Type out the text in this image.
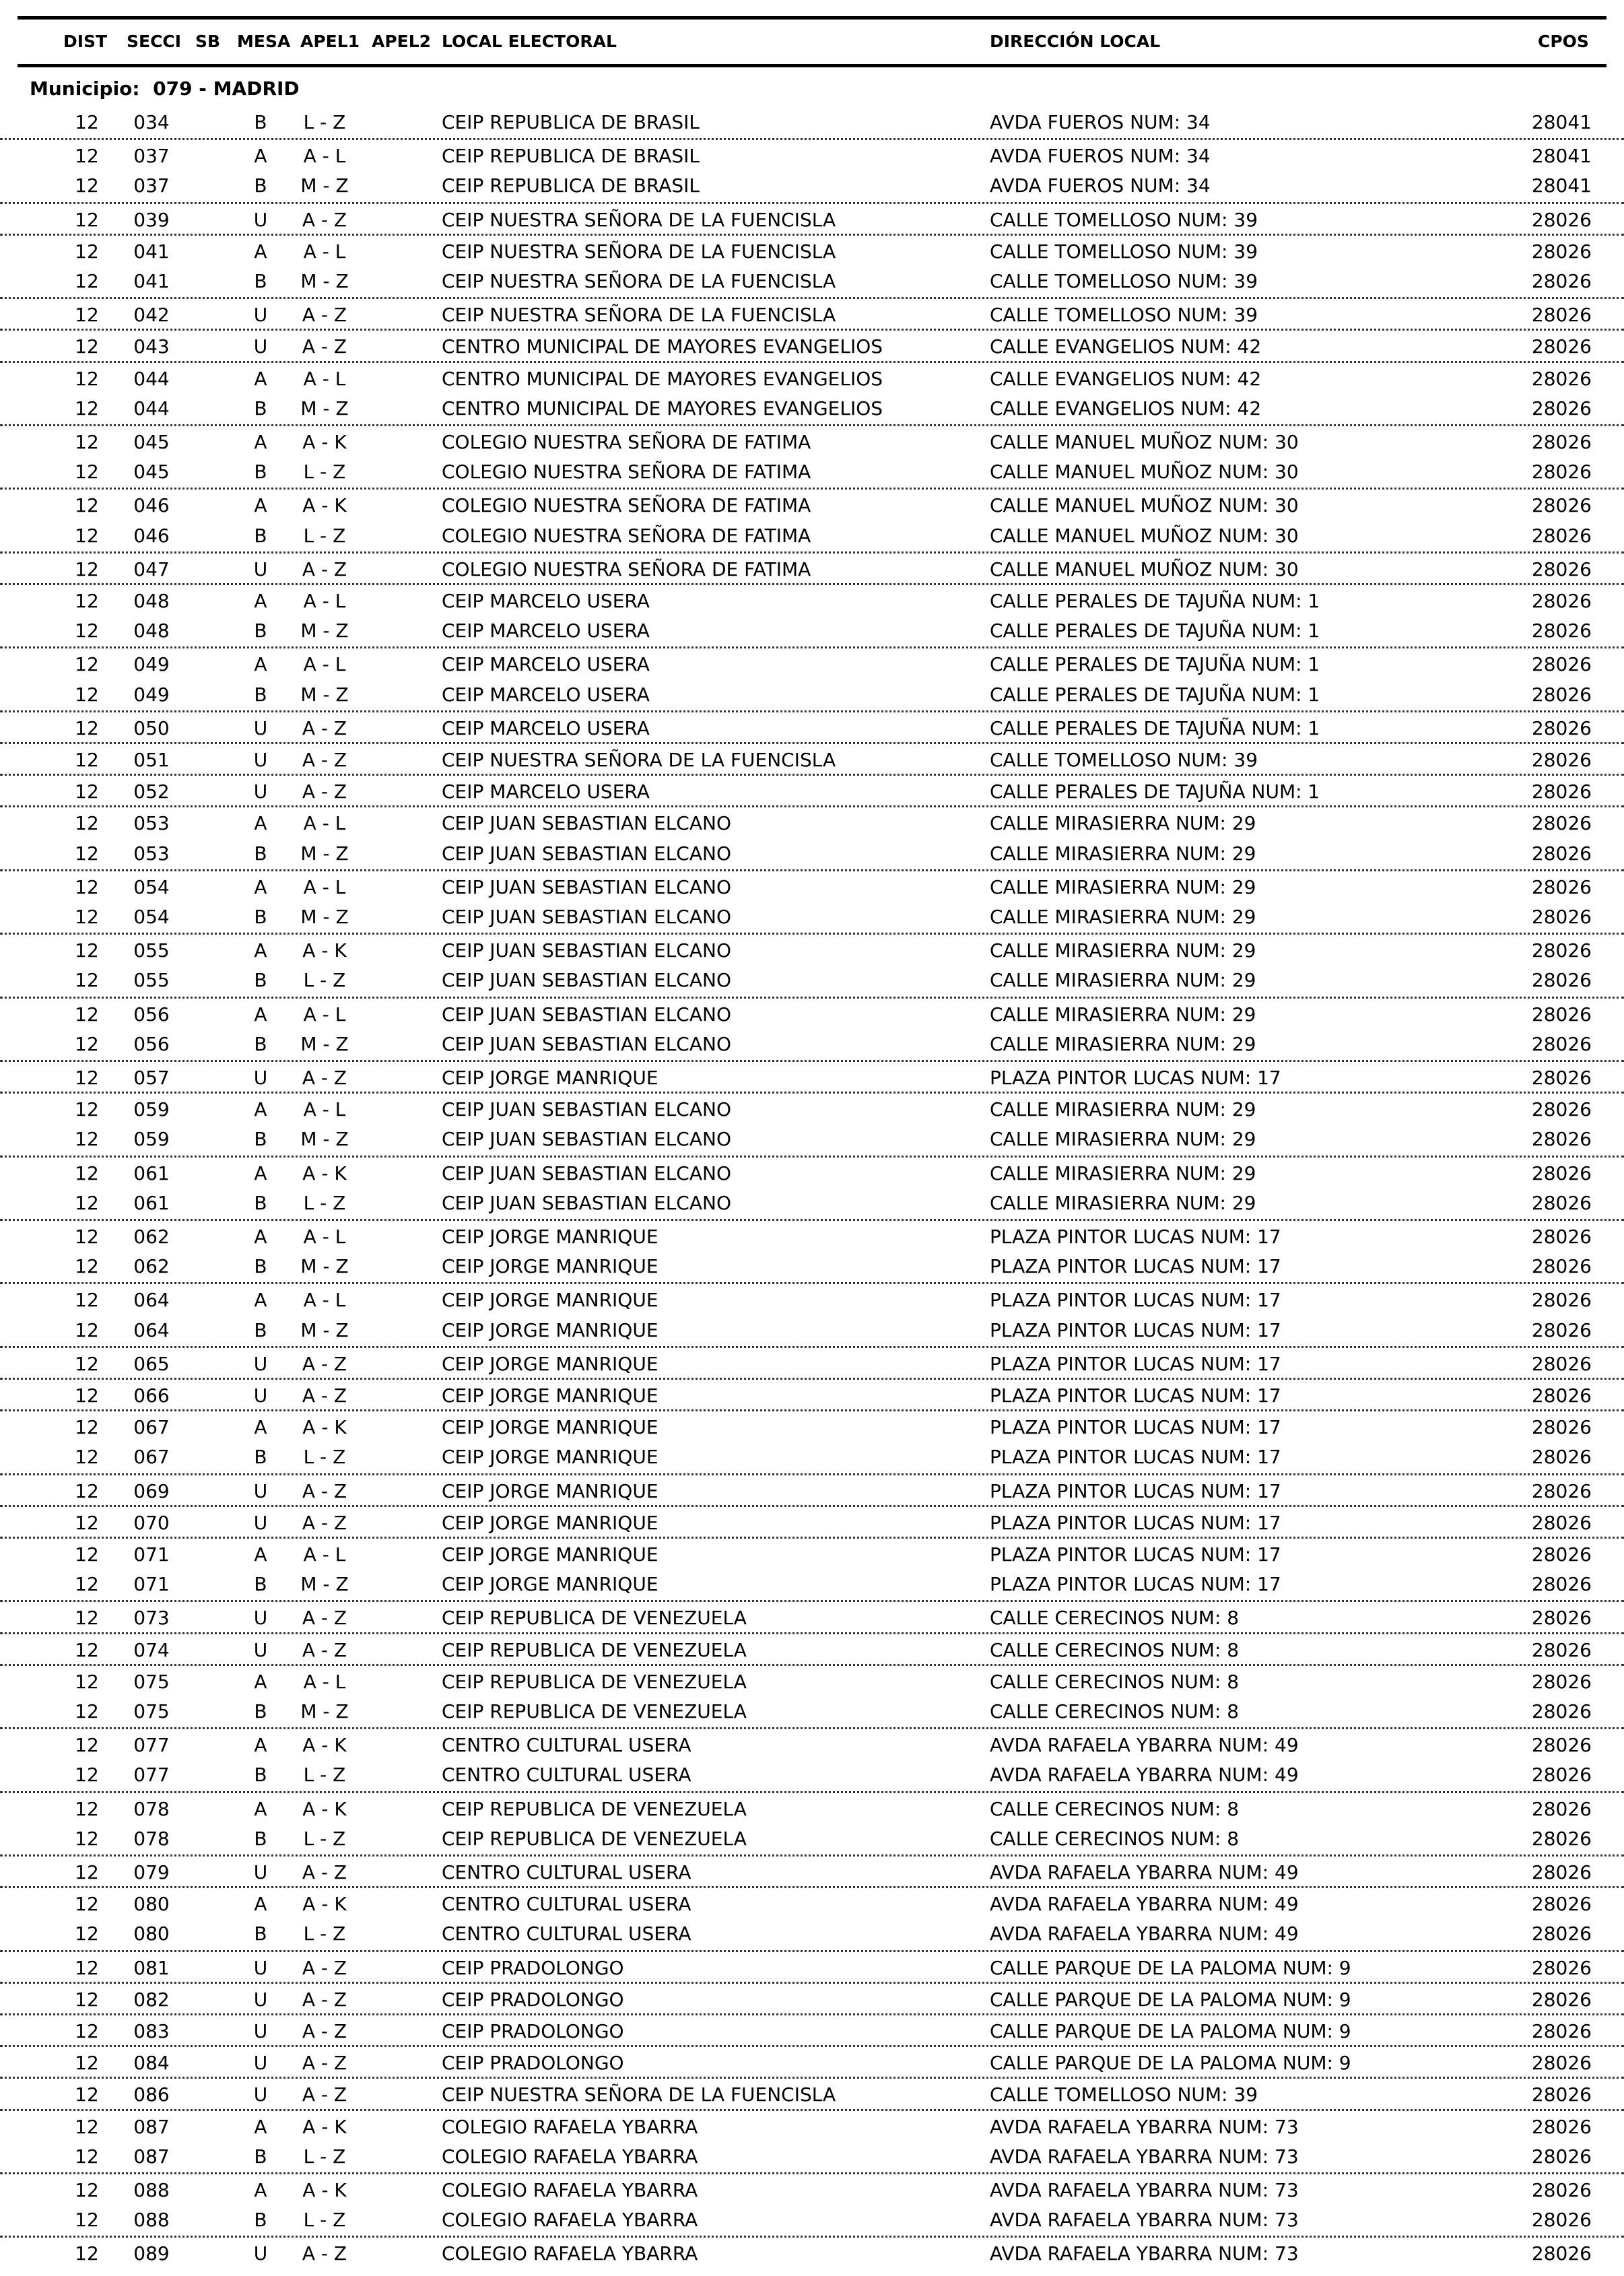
DIST SECCI SB MESA APEL1 APEL2 LOCAL ELECTORAL	DIRECCIÓN LOCAL	CPOS
Municipio: 079 - MADRID
12 034	B	L - Z	CEIP REPUBLICA DE BRASIL	AVDA FUEROS NUM: 34	28041
12 037	A	A - L	CEIP REPUBLICA DE BRASIL	AVDA FUEROS NUM: 34	28041
12 037	B	M - Z	CEIP REPUBLICA DE BRASIL	AVDA FUEROS NUM: 34	28041
12 039	U	A - Z	CEIP NUESTRA SEÑORA DE LA FUENCISLA	CALLE TOMELLOSO NUM: 39	28026
12 041	A	A - L	CEIP NUESTRA SEÑORA DE LA FUENCISLA	CALLE TOMELLOSO NUM: 39	28026
12 041	B	M - Z	CEIP NUESTRA SEÑORA DE LA FUENCISLA	CALLE TOMELLOSO NUM: 39	28026
12 042	U	A - Z	CEIP NUESTRA SEÑORA DE LA FUENCISLA	CALLE TOMELLOSO NUM: 39	28026
12 043	U	A - Z	CENTRO MUNICIPAL DE MAYORES EVANGELIOS	CALLE EVANGELIOS NUM: 42	28026
12 044	A	A - L	CENTRO MUNICIPAL DE MAYORES EVANGELIOS	CALLE EVANGELIOS NUM: 42	28026
12 044	B	M - Z	CENTRO MUNICIPAL DE MAYORES EVANGELIOS	CALLE EVANGELIOS NUM: 42	28026
12 045	A	A - K	COLEGIO NUESTRA SEÑORA DE FATIMA	CALLE MANUEL MUÑOZ NUM: 30	28026
12 045	B	L - Z	COLEGIO NUESTRA SEÑORA DE FATIMA	CALLE MANUEL MUÑOZ NUM: 30	28026
12 046	A	A - K	COLEGIO NUESTRA SEÑORA DE FATIMA	CALLE MANUEL MUÑOZ NUM: 30	28026
12 046	B	L - Z	COLEGIO NUESTRA SEÑORA DE FATIMA	CALLE MANUEL MUÑOZ NUM: 30	28026
12 047	U	A - Z	COLEGIO NUESTRA SEÑORA DE FATIMA	CALLE MANUEL MUÑOZ NUM: 30	28026
12 048	A	A - L	CEIP MARCELO USERA	CALLE PERALES DE TAJUÑA NUM: 1	28026
12 048	B	M - Z	CEIP MARCELO USERA	CALLE PERALES DE TAJUÑA NUM: 1	28026
12 049	A	A - L	CEIP MARCELO USERA	CALLE PERALES DE TAJUÑA NUM: 1	28026
12 049	B	M - Z	CEIP MARCELO USERA	CALLE PERALES DE TAJUÑA NUM: 1	28026
12 050	U	A - Z	CEIP MARCELO USERA	CALLE PERALES DE TAJUÑA NUM: 1	28026
12 051	U	A - Z	CEIP NUESTRA SEÑORA DE LA FUENCISLA	CALLE TOMELLOSO NUM: 39	28026
12 052	U	A - Z	CEIP MARCELO USERA	CALLE PERALES DE TAJUÑA NUM: 1	28026
12 053	A	A - L	CEIP JUAN SEBASTIAN ELCANO	CALLE MIRASIERRA NUM: 29	28026
12 053	B	M - Z	CEIP JUAN SEBASTIAN ELCANO	CALLE MIRASIERRA NUM: 29	28026
12 054	A	A - L	CEIP JUAN SEBASTIAN ELCANO	CALLE MIRASIERRA NUM: 29	28026
12 054	B	M - Z	CEIP JUAN SEBASTIAN ELCANO	CALLE MIRASIERRA NUM: 29	28026
12 055	A	A - K	CEIP JUAN SEBASTIAN ELCANO	CALLE MIRASIERRA NUM: 29	28026
12 055	B	L - Z	CEIP JUAN SEBASTIAN ELCANO	CALLE MIRASIERRA NUM: 29	28026
12 056	A	A - L	CEIP JUAN SEBASTIAN ELCANO	CALLE MIRASIERRA NUM: 29	28026
12 056	B	M - Z	CEIP JUAN SEBASTIAN ELCANO	CALLE MIRASIERRA NUM: 29	28026
12 057	U	A - Z	CEIP JORGE MANRIQUE	PLAZA PINTOR LUCAS NUM: 17	28026
12 059	A	A - L	CEIP JUAN SEBASTIAN ELCANO	CALLE MIRASIERRA NUM: 29	28026
12 059	B	M - Z	CEIP JUAN SEBASTIAN ELCANO	CALLE MIRASIERRA NUM: 29	28026
12 061	A	A - K	CEIP JUAN SEBASTIAN ELCANO	CALLE MIRASIERRA NUM: 29	28026
12 061	B	L - Z	CEIP JUAN SEBASTIAN ELCANO	CALLE MIRASIERRA NUM: 29	28026
12 062	A	A - L	CEIP JORGE MANRIQUE	PLAZA PINTOR LUCAS NUM: 17	28026
12 062	B	M - Z	CEIP JORGE MANRIQUE	PLAZA PINTOR LUCAS NUM: 17	28026
12 064	A	A - L	CEIP JORGE MANRIQUE	PLAZA PINTOR LUCAS NUM: 17	28026
12 064	B	M - Z	CEIP JORGE MANRIQUE	PLAZA PINTOR LUCAS NUM: 17	28026
12 065	U	A - Z	CEIP JORGE MANRIQUE	PLAZA PINTOR LUCAS NUM: 17	28026
12 066	U	A - Z	CEIP JORGE MANRIQUE	PLAZA PINTOR LUCAS NUM: 17	28026
12 067	A	A - K	CEIP JORGE MANRIQUE	PLAZA PINTOR LUCAS NUM: 17	28026
12 067	B	L - Z	CEIP JORGE MANRIQUE	PLAZA PINTOR LUCAS NUM: 17	28026
12 069	U	A - Z	CEIP JORGE MANRIQUE	PLAZA PINTOR LUCAS NUM: 17	28026
12 070	U	A - Z	CEIP JORGE MANRIQUE	PLAZA PINTOR LUCAS NUM: 17	28026
12 071	A	A - L	CEIP JORGE MANRIQUE	PLAZA PINTOR LUCAS NUM: 17	28026
12 071	B	M - Z	CEIP JORGE MANRIQUE	PLAZA PINTOR LUCAS NUM: 17	28026
12 073	U	A - Z	CEIP REPUBLICA DE VENEZUELA	CALLE CERECINOS NUM: 8	28026
12 074	U	A - Z	CEIP REPUBLICA DE VENEZUELA	CALLE CERECINOS NUM: 8	28026
12 075	A	A - L	CEIP REPUBLICA DE VENEZUELA	CALLE CERECINOS NUM: 8	28026
12 075	B	M - Z	CEIP REPUBLICA DE VENEZUELA	CALLE CERECINOS NUM: 8	28026
12 077	A	A - K	CENTRO CULTURAL USERA	AVDA RAFAELA YBARRA NUM: 49	28026
12 077	B	L - Z	CENTRO CULTURAL USERA	AVDA RAFAELA YBARRA NUM: 49	28026
12 078	A	A - K	CEIP REPUBLICA DE VENEZUELA	CALLE CERECINOS NUM: 8	28026
12 078	B	L - Z	CEIP REPUBLICA DE VENEZUELA	CALLE CERECINOS NUM: 8	28026
12 079	U	A - Z	CENTRO CULTURAL USERA	AVDA RAFAELA YBARRA NUM: 49	28026
12 080	A	A - K	CENTRO CULTURAL USERA	AVDA RAFAELA YBARRA NUM: 49	28026
12 080	B	L - Z	CENTRO CULTURAL USERA	AVDA RAFAELA YBARRA NUM: 49	28026
12 081	U	A - Z	CEIP PRADOLONGO	CALLE PARQUE DE LA PALOMA NUM: 9	28026
12 082	U	A - Z	CEIP PRADOLONGO	CALLE PARQUE DE LA PALOMA NUM: 9	28026
12 083	U	A - Z	CEIP PRADOLONGO	CALLE PARQUE DE LA PALOMA NUM: 9	28026
12 084	U	A - Z	CEIP PRADOLONGO	CALLE PARQUE DE LA PALOMA NUM: 9	28026
12 086	U	A - Z	CEIP NUESTRA SEÑORA DE LA FUENCISLA	CALLE TOMELLOSO NUM: 39	28026
12 087	A	A - K	COLEGIO RAFAELA YBARRA	AVDA RAFAELA YBARRA NUM: 73	28026
12 087	B	L - Z	COLEGIO RAFAELA YBARRA	AVDA RAFAELA YBARRA NUM: 73	28026
12 088	A	A - K	COLEGIO RAFAELA YBARRA	AVDA RAFAELA YBARRA NUM: 73	28026
12 088	B	L - Z	COLEGIO RAFAELA YBARRA	AVDA RAFAELA YBARRA NUM: 73	28026
12 089	U	A - Z	COLEGIO RAFAELA YBARRA	AVDA RAFAELA YBARRA NUM: 73	28026
